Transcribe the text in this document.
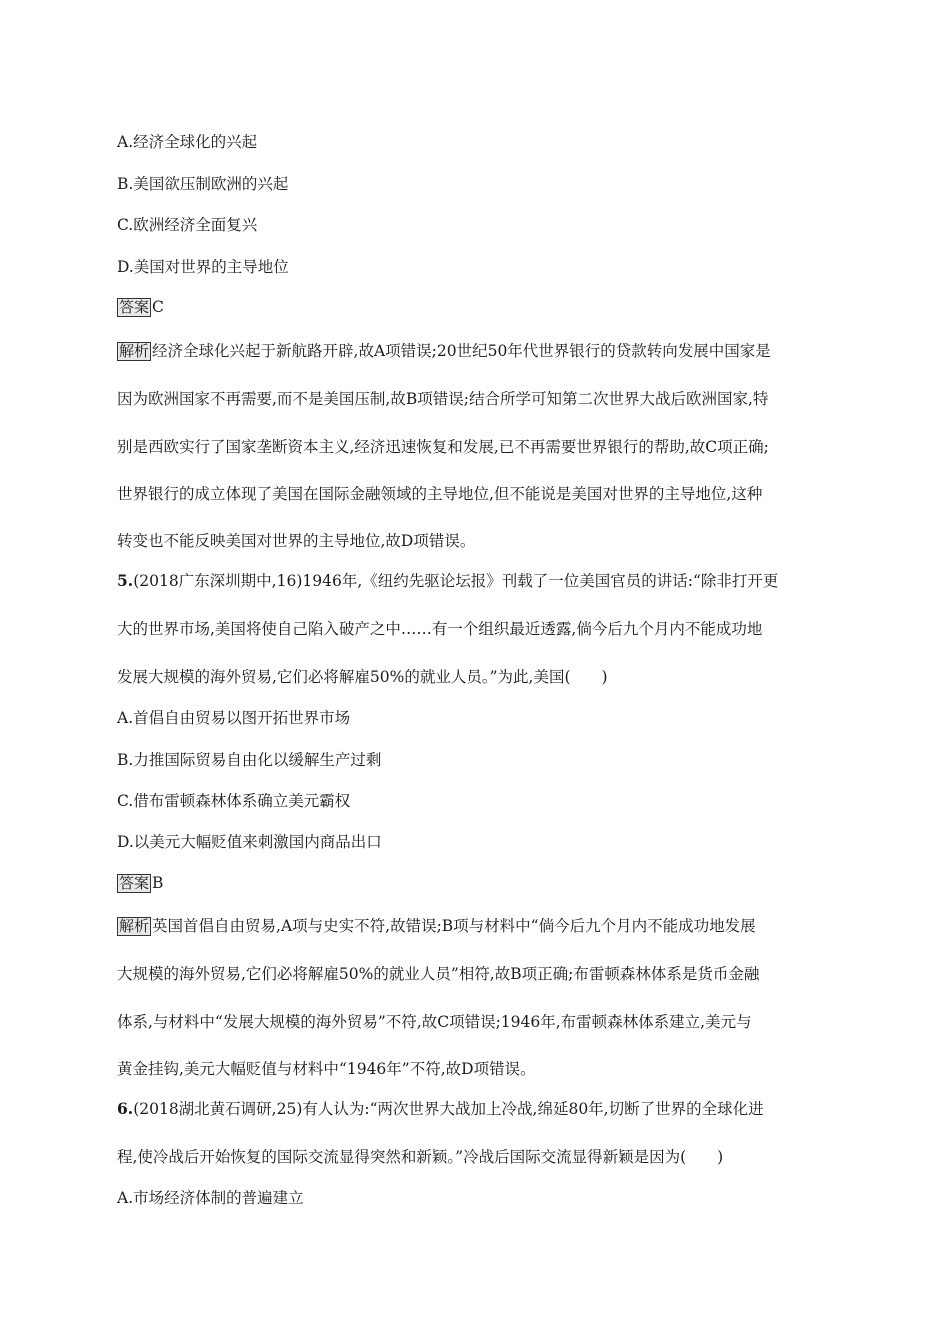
A.经济全球化的兴起
B.美国欲压制欧洲的兴起
C.欧洲经济全面复兴
D.美国对世界的主导地位
答案 C
解析 经济全球化兴起于新航路开辟,故A项错误;20世纪50年代世界银行的贷款转向发展中国家是
因为欧洲国家不再需要,而不是美国压制,故B项错误;结合所学可知第二次世界大战后欧洲国家,特
别是西欧实行了国家垄断资本主义,经济迅速恢复和发展,已不再需要世界银行的帮助,故C项正确;
世界银行的成立体现了美国在国际金融领域的主导地位,但不能说是美国对世界的主导地位,这种
转变也不能反映美国对世界的主导地位,故D项错误。
5.(2018广东深圳期中,16)1946年,《纽约先驱论坛报》刊载了一位美国官员的讲话:“除非打开更
大的世界市场,美国将使自己陷入破产之中……有一个组织最近透露,倘今后九个月内不能成功地
发展大规模的海外贸易,它们必将解雇50%的就业人员。”为此,美国(　　)
A.首倡自由贸易以图开拓世界市场
B.力推国际贸易自由化以缓解生产过剩
C.借布雷顿森林体系确立美元霸权
D.以美元大幅贬值来刺激国内商品出口
答案 B
解析 英国首倡自由贸易,A项与史实不符,故错误;B项与材料中“倘今后九个月内不能成功地发展
大规模的海外贸易,它们必将解雇50%的就业人员”相符,故B项正确;布雷顿森林体系是货币金融
体系,与材料中“发展大规模的海外贸易”不符,故C项错误;1946年,布雷顿森林体系建立,美元与
黄金挂钩,美元大幅贬值与材料中“1946年”不符,故D项错误。
6.(2018湖北黄石调研,25)有人认为:“两次世界大战加上冷战,绵延80年,切断了世界的全球化进
程,使冷战后开始恢复的国际交流显得突然和新颖。”冷战后国际交流显得新颖是因为(　　)
A.市场经济体制的普遍建立
